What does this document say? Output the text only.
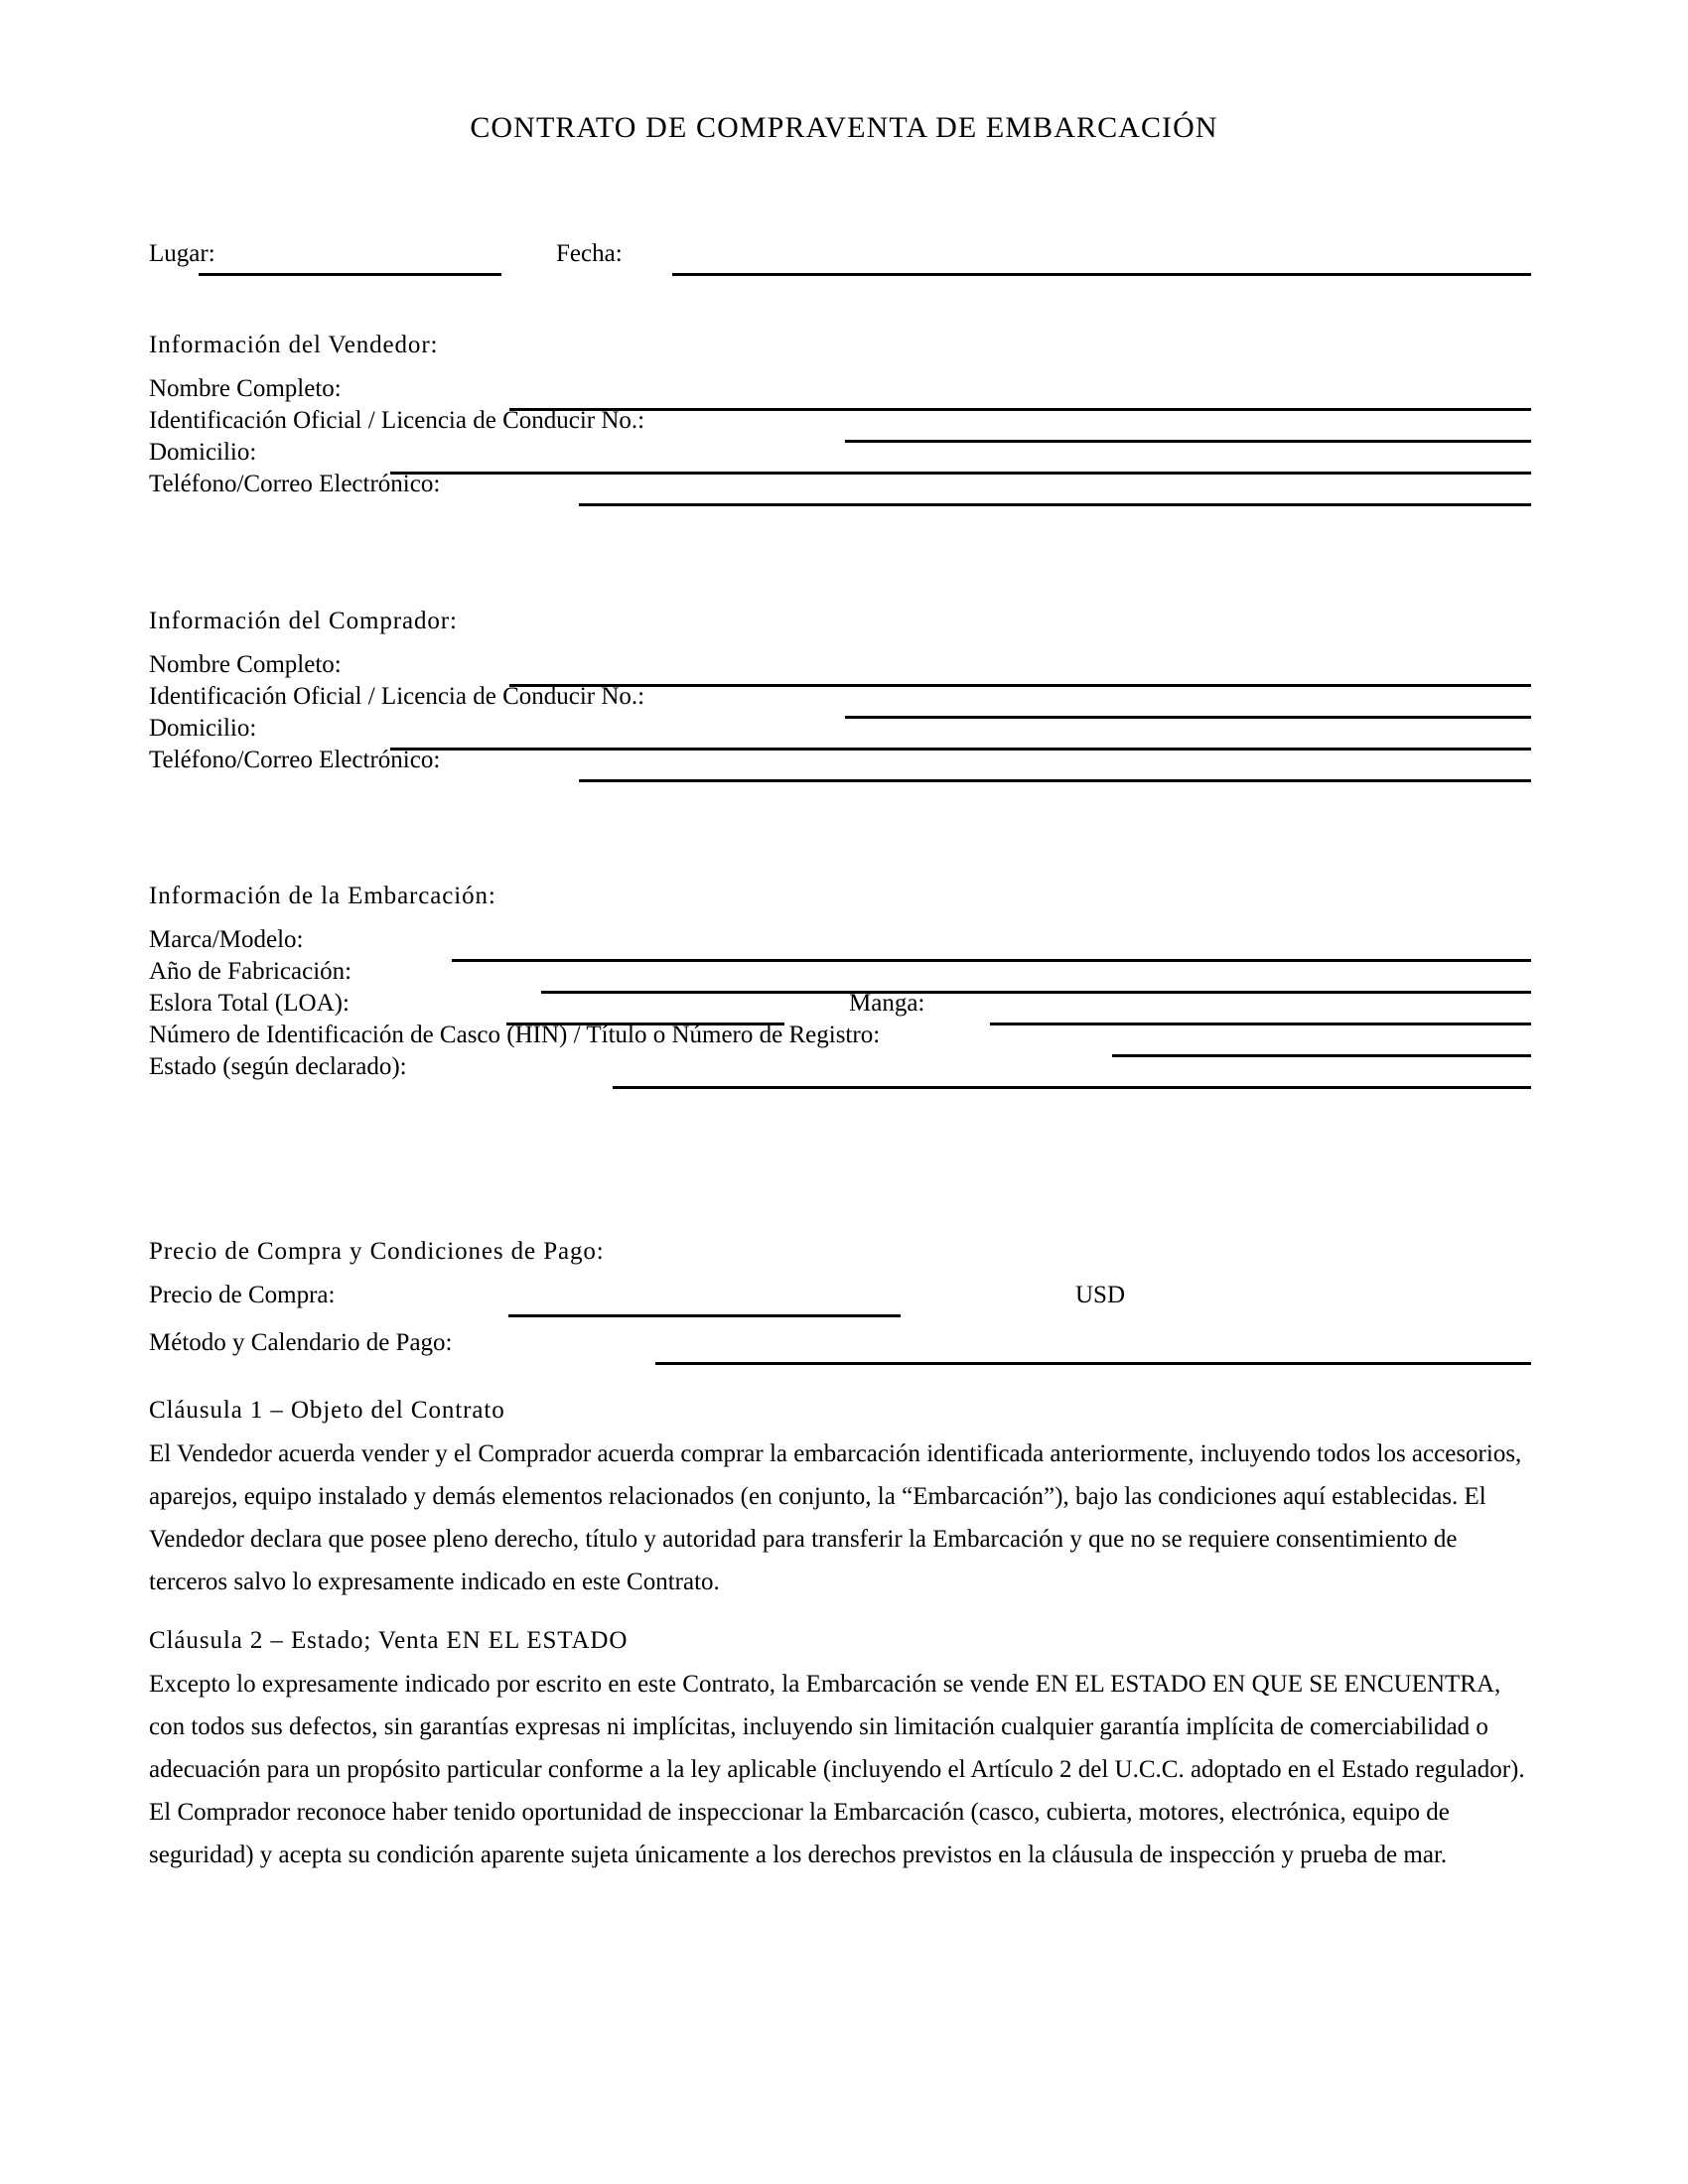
CONTRATO DE COMPRAVENTA DE EMBARCACIÓN
Lugar:	Fecha:
Información del Vendedor:
Nombre Completo:
Identificación Oficial / Licencia de Conducir No.:
Domicilio:
Teléfono/Correo Electrónico:
Información del Comprador:
Nombre Completo:
Identificación Oficial / Licencia de Conducir No.:
Domicilio:
Teléfono/Correo Electrónico:
Información de la Embarcación:
Marca/Modelo:
Año de Fabricación:
Eslora Total (LOA):	Manga:
Número de Identificación de Casco (HIN) / Título o Número de Registro:
Estado (según declarado):
Precio de Compra y Condiciones de Pago:
Precio de Compra:	USD
Método y Calendario de Pago:
Cláusula 1 – Objeto del Contrato
El Vendedor acuerda vender y el Comprador acuerda comprar la embarcación identificada anteriormente, incluyendo todos los accesorios, aparejos, equipo instalado y demás elementos relacionados (en conjunto, la “Embarcación”), bajo las condiciones aquí establecidas. El Vendedor declara que posee pleno derecho, título y autoridad para transferir la Embarcación y que no se requiere consentimiento de terceros salvo lo expresamente indicado en este Contrato.
Cláusula 2 – Estado; Venta EN EL ESTADO
Excepto lo expresamente indicado por escrito en este Contrato, la Embarcación se vende EN EL ESTADO EN QUE SE ENCUENTRA, con todos sus defectos, sin garantías expresas ni implícitas, incluyendo sin limitación cualquier garantía implícita de comerciabilidad o adecuación para un propósito particular conforme a la ley aplicable (incluyendo el Artículo 2 del U.C.C. adoptado en el Estado regulador). El Comprador reconoce haber tenido oportunidad de inspeccionar la Embarcación (casco, cubierta, motores, electrónica, equipo de seguridad) y acepta su condición aparente sujeta únicamente a los derechos previstos en la cláusula de inspección y prueba de mar.
